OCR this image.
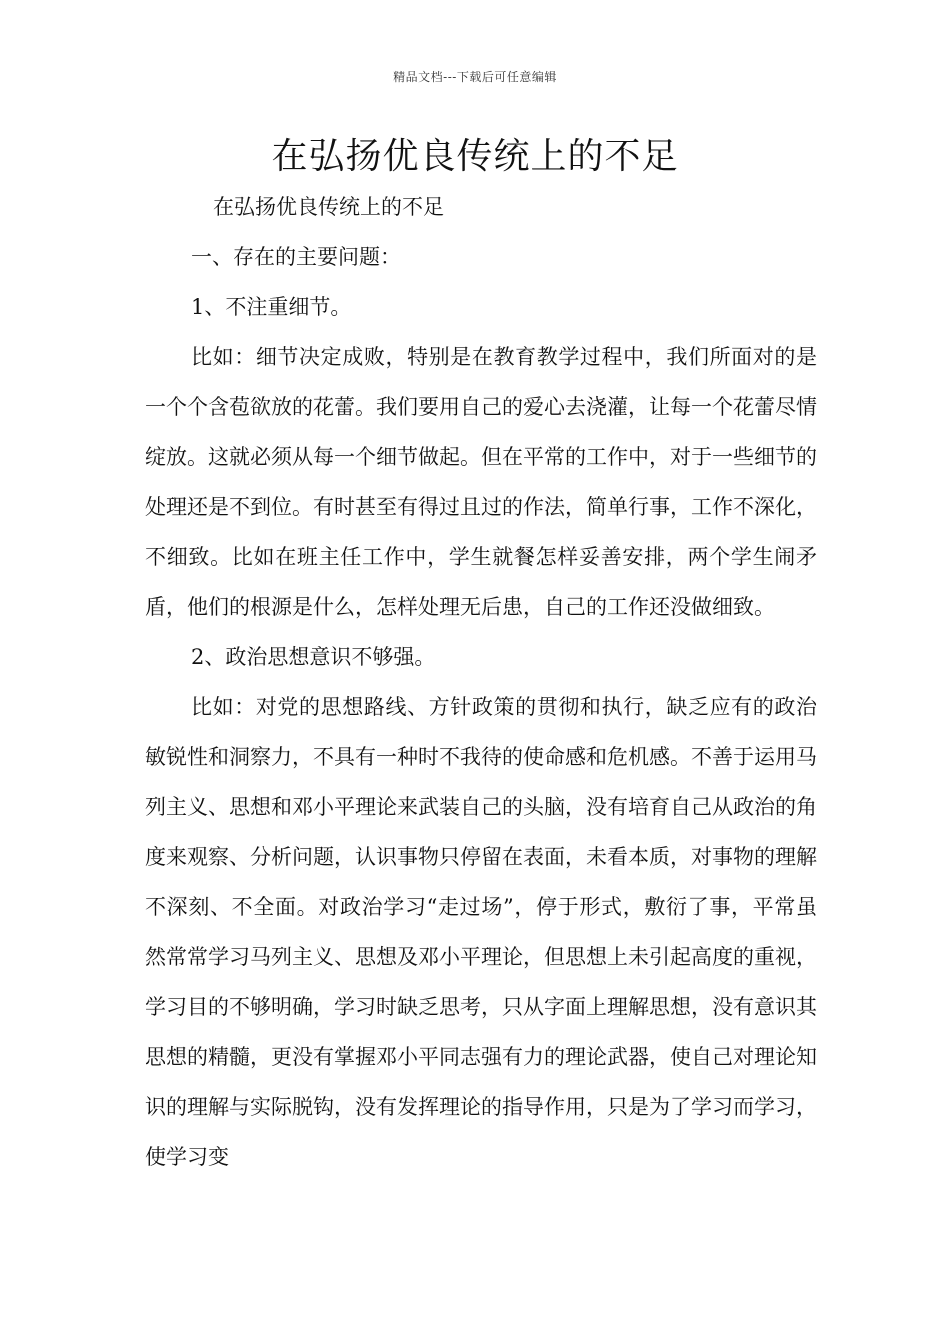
精品文档---下载后可任意编辑
在弘扬优良传统上的不足

在弘扬优良传统上的不足

一、存在的主要问题：

1、不注重细节。

比如：细节决定成败，特别是在教育教学过程中，我们所面对的是一个个含苞欲放的花蕾。我们要用自己的爱心去浇灌，让每一个花蕾尽情绽放。这就必须从每一个细节做起。但在平常的工作中，对于一些细节的处理还是不到位。有时甚至有得过且过的作法，简单行事，工作不深化，不细致。比如在班主任工作中，学生就餐怎样妥善安排，两个学生闹矛盾，他们的根源是什么，怎样处理无后患，自己的工作还没做细致。

2、政治思想意识不够强。

比如：对党的思想路线、方针政策的贯彻和执行，缺乏应有的政治敏锐性和洞察力，不具有一种时不我待的使命感和危机感。不善于运用马列主义、思想和邓小平理论来武装自己的头脑，没有培育自己从政治的角度来观察、分析问题，认识事物只停留在表面，未看本质，对事物的理解不深刻、不全面。对政治学习“走过场”，停于形式，敷衍了事，平常虽然常常学习马列主义、思想及邓小平理论，但思想上未引起高度的重视，学习目的不够明确，学习时缺乏思考，只从字面上理解思想，没有意识其思想的精髓，更没有掌握邓小平同志强有力的理论武器，使自己对理论知识的理解与实际脱钩，没有发挥理论的指导作用，只是为了学习而学习，使学习变
